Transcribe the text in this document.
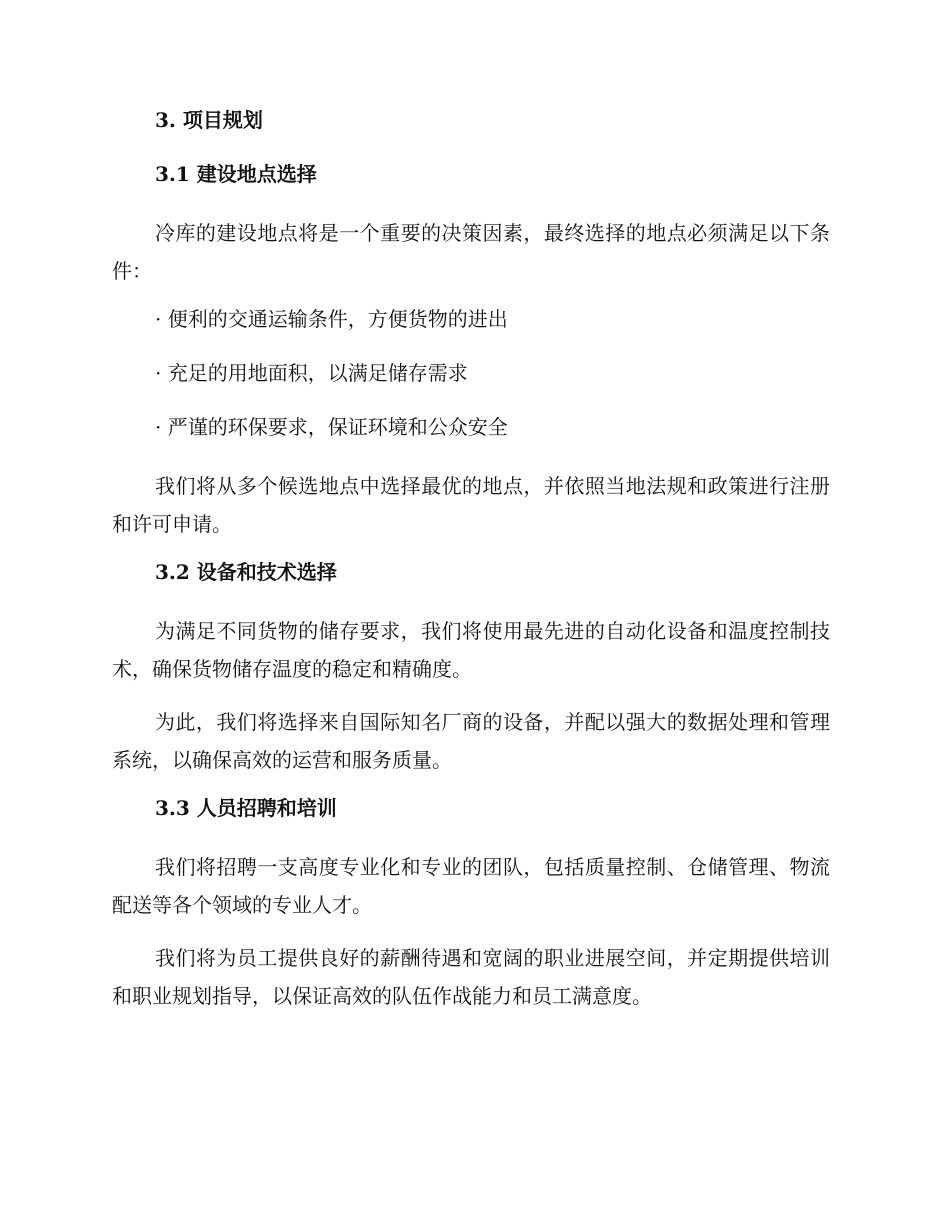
3. 项目规划
3.1 建设地点选择

冷库的建设地点将是一个重要的决策因素，最终选择的地点必须满足以下条件：

· 便利的交通运输条件，方便货物的进出
· 充足的用地面积，以满足储存需求
· 严谨的环保要求，保证环境和公众安全

我们将从多个候选地点中选择最优的地点，并依照当地法规和政策进行注册和许可申请。

3.2 设备和技术选择

为满足不同货物的储存要求，我们将使用最先进的自动化设备和温度控制技术，确保货物储存温度的稳定和精确度。

为此，我们将选择来自国际知名厂商的设备，并配以强大的数据处理和管理系统，以确保高效的运营和服务质量。

3.3 人员招聘和培训

我们将招聘一支高度专业化和专业的团队，包括质量控制、仓储管理、物流配送等各个领域的专业人才。

我们将为员工提供良好的薪酬待遇和宽阔的职业进展空间，并定期提供培训和职业规划指导，以保证高效的队伍作战能力和员工满意度。
